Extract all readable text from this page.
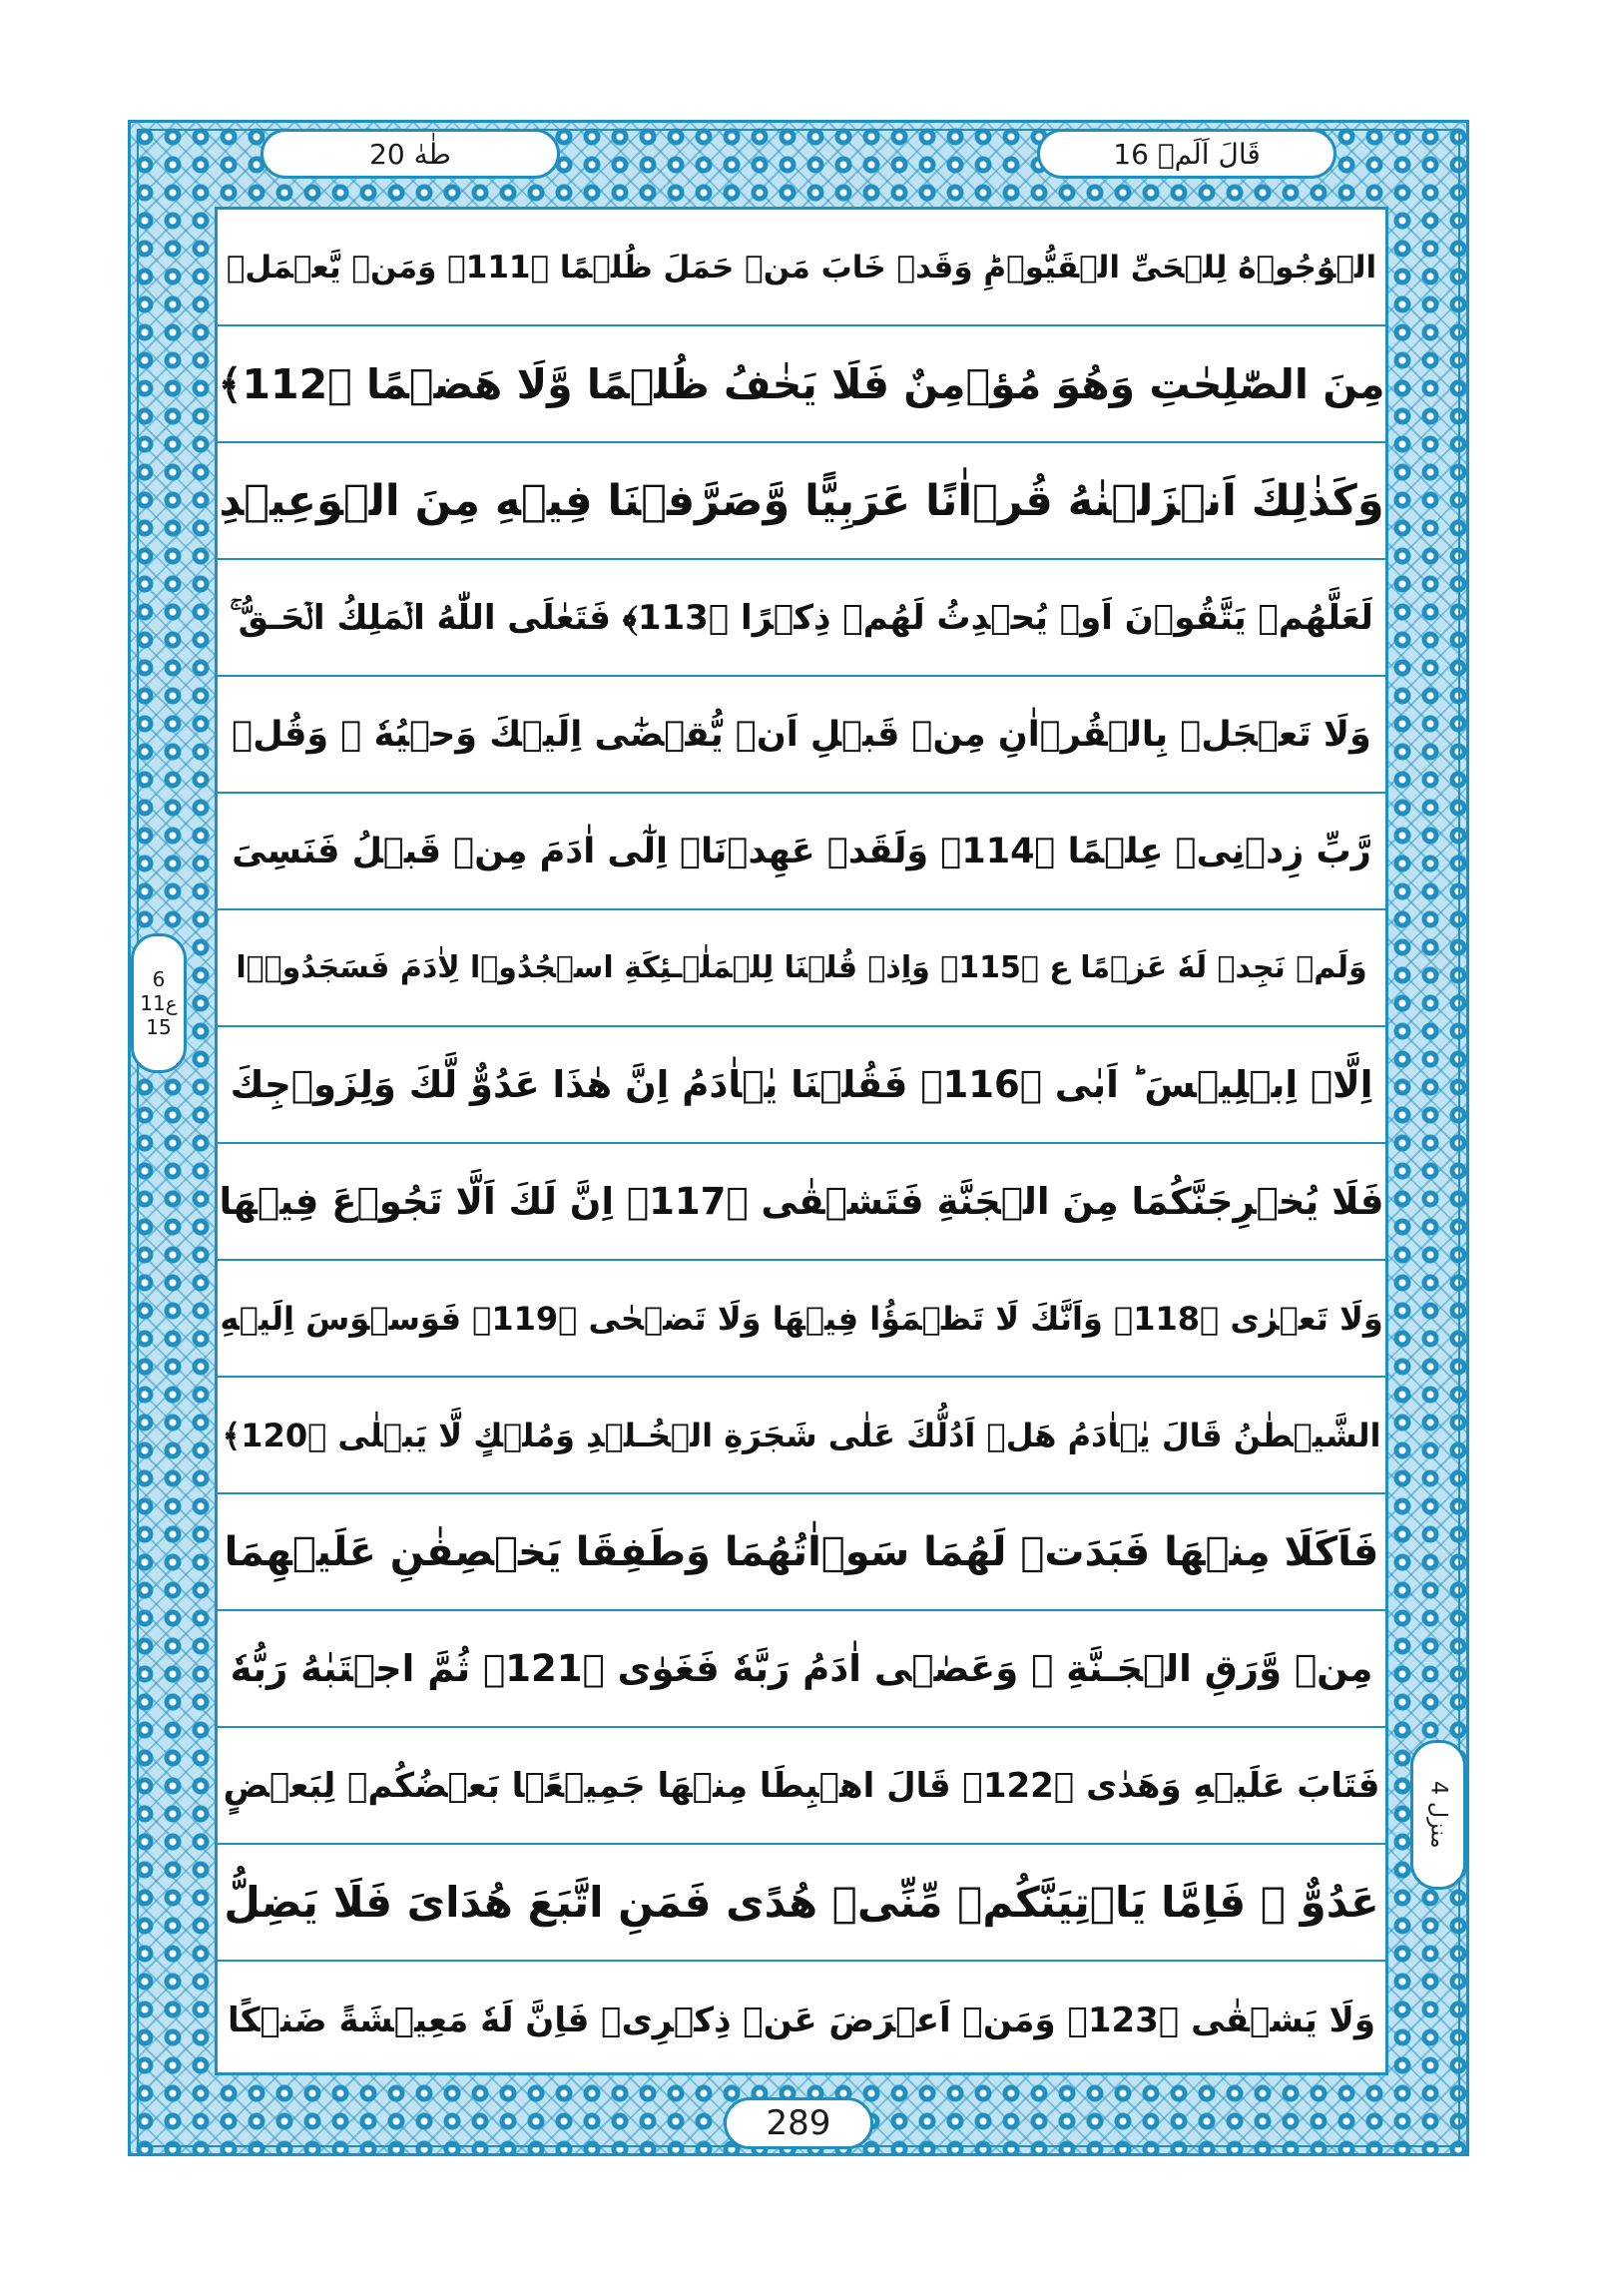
طٰهٰ 20	قَالَ اَلَمۡ 16
الۡوُجُوۡهُ لِلۡحَىِّ الۡقَيُّوۡمِؕ وَقَدۡ خَابَ مَنۡ حَمَلَ ظُلۡمًا ﴿111﴾ وَمَنۡ يَّعۡمَلۡ
مِنَ الصّٰلِحٰتِ وَهُوَ مُؤۡمِنٌ فَلَا يَخٰفُ ظُلۡمًا وَّلَا هَضۡمًا ﴿112﴾
وَكَذٰلِكَ اَنۡزَلۡنٰهُ قُرۡاٰنًا عَرَبِيًّا وَّصَرَّفۡنَا فِيۡهِ مِنَ الۡوَعِيۡدِ
لَعَلَّهُمۡ يَتَّقُوۡنَ اَوۡ يُحۡدِثُ لَهُمۡ ذِكۡرًا ﴿113﴾ فَتَعٰلَى اللّٰهُ الۡمَلِكُ الۡحَـقُّ‌ ۚ
وَلَا تَعۡجَلۡ بِالۡقُرۡاٰنِ مِنۡ قَبۡلِ اَنۡ يُّقۡضٰٓى اِلَيۡكَ وَحۡيُهٗ‌ ۖ وَقُلۡ
رَّبِّ زِدۡنِىۡ عِلۡمًا ﴿114﴾ وَلَقَدۡ عَهِدۡنَاۤ اِلٰٓى اٰدَمَ مِنۡ قَبۡلُ فَنَسِىَ
وَلَمۡ نَجِدۡ لَهٗ عَزۡمًا ع ﴿115﴾ وَاِذۡ قُلۡنَا لِلۡمَلٰۤـئِكَةِ اسۡجُدُوۡا لِاٰدَمَ فَسَجَدُوۡۤا
اِلَّاۤ اِبۡلِيۡسَ ؕ اَبٰى ﴿116﴾ فَقُلۡنَا يٰۤاٰدَمُ اِنَّ هٰذَا عَدُوٌّ لَّكَ وَلِزَوۡجِكَ
فَلَا يُخۡرِجَنَّكُمَا مِنَ الۡجَنَّةِ فَتَشۡقٰى ﴿117﴾ اِنَّ لَكَ اَلَّا تَجُوۡعَ فِيۡهَا
وَلَا تَعۡرٰى ﴿118﴾ وَاَنَّكَ لَا تَظۡمَؤُا فِيۡهَا وَلَا تَضۡحٰى ﴿119﴾ فَوَسۡوَسَ اِلَيۡهِ
الشَّيۡطٰنُ قَالَ يٰۤاٰدَمُ هَلۡ اَدُلُّكَ عَلٰى شَجَرَةِ الۡخُـلۡدِ وَمُلۡكٍ لَّا يَبۡلٰى ﴿120﴾
فَاَكَلَا مِنۡهَا فَبَدَتۡ لَهُمَا سَوۡاٰتُهُمَا وَطَفِقَا يَخۡصِفٰنِ عَلَيۡهِمَا
مِنۡ وَّرَقِ الۡجَـنَّةِ‌ ۚ وَعَصٰۤى اٰدَمُ رَبَّهٗ فَغَوٰى ﴿121﴾ ثُمَّ اجۡتَبٰهُ رَبُّهٗ
فَتَابَ عَلَيۡهِ وَهَدٰى ﴿122﴾ قَالَ اهۡبِطَا مِنۡهَا جَمِيۡعًۢا‌ بَعۡضُكُمۡ لِبَعۡضٍ
عَدُوٌّ ۚ فَاِمَّا يَاۡتِيَنَّكُمۡ مِّنِّىۡ هُدًى فَمَنِ اتَّبَعَ هُدَاىَ فَلَا يَضِلُّ
وَلَا يَشۡقٰى ﴿123﴾ وَمَنۡ اَعۡرَضَ عَنۡ ذِكۡرِىۡ فَاِنَّ لَهٗ مَعِيۡشَةً ضَنۡكًا
6
11ع
15
منزل 4
289
